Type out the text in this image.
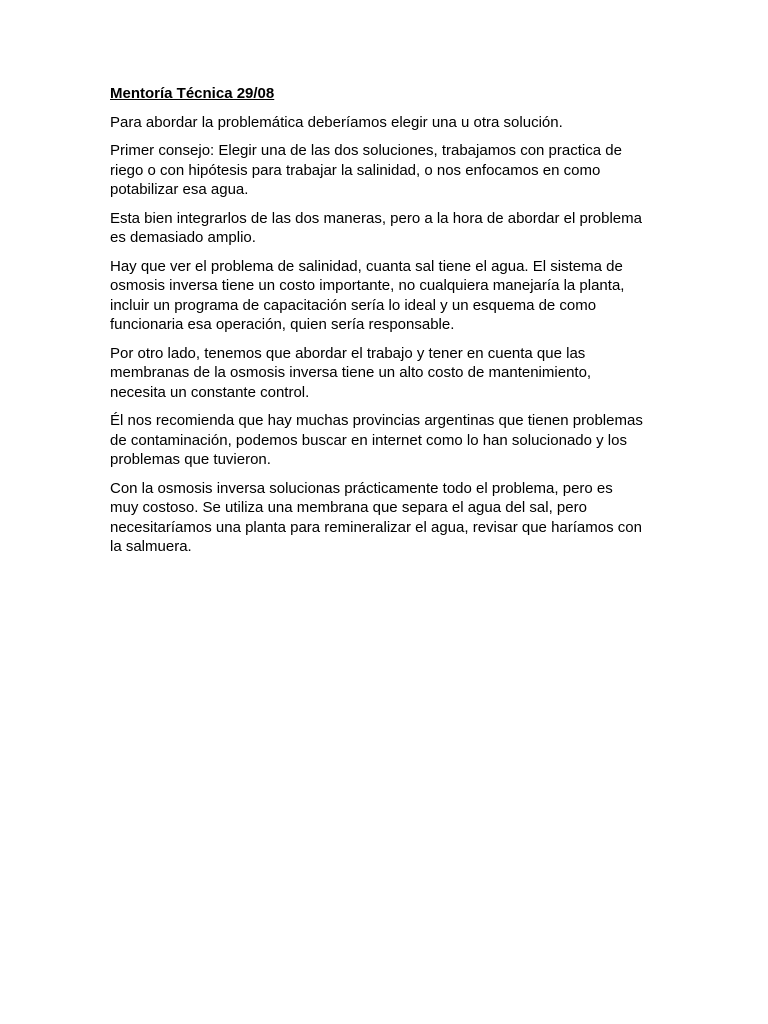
Mentoría Técnica 29/08

Para abordar la problemática deberíamos elegir una u otra solución.

Primer consejo: Elegir una de las dos soluciones, trabajamos con practica de riego o con hipótesis para trabajar la salinidad, o nos enfocamos en como potabilizar esa agua.

Esta bien integrarlos de las dos maneras, pero a la hora de abordar el problema es demasiado amplio.

Hay que ver el problema de salinidad, cuanta sal tiene el agua. El sistema de osmosis inversa tiene un costo importante, no cualquiera manejaría la planta, incluir un programa de capacitación sería lo ideal y un esquema de como funcionaria esa operación, quien sería responsable.

Por otro lado, tenemos que abordar el trabajo y tener en cuenta que las membranas de la osmosis inversa tiene un alto costo de mantenimiento, necesita un constante control.

Él nos recomienda que hay muchas provincias argentinas que tienen problemas de contaminación, podemos buscar en internet como lo han solucionado y los problemas que tuvieron.

Con la osmosis inversa solucionas prácticamente todo el problema, pero es muy costoso. Se utiliza una membrana que separa el agua del sal, pero necesitaríamos una planta para remineralizar el agua, revisar que haríamos con la salmuera.
